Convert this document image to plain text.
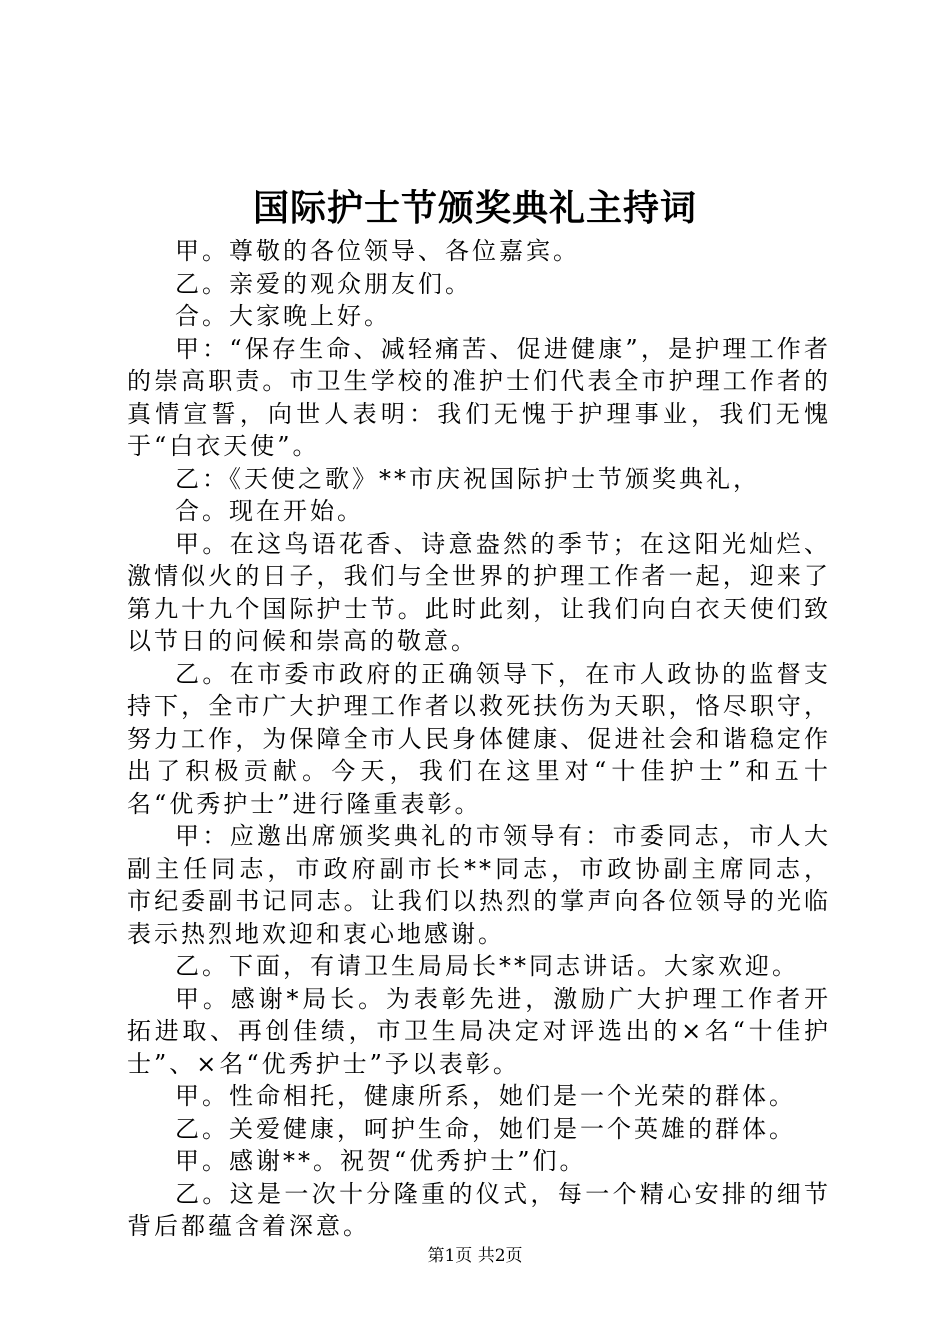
国际护士节颁奖典礼主持词

甲。尊敬的各位领导、各位嘉宾。

乙。亲爱的观众朋友们。

合。大家晚上好。

甲：“保存生命、减轻痛苦、促进健康”，是护理工作者的崇高职责。市卫生学校的准护士们代表全市护理工作者的真情宣誓，向世人表明：我们无愧于护理事业，我们无愧于“白衣天使”。

乙：《天使之歌》**市庆祝国际护士节颁奖典礼，

合。现在开始。

甲。在这鸟语花香、诗意盎然的季节；在这阳光灿烂、激情似火的日子，我们与全世界的护理工作者一起，迎来了第九十九个国际护士节。此时此刻，让我们向白衣天使们致以节日的问候和崇高的敬意。

乙。在市委市政府的正确领导下，在市人政协的监督支持下，全市广大护理工作者以救死扶伤为天职，恪尽职守，努力工作，为保障全市人民身体健康、促进社会和谐稳定作出了积极贡献。今天，我们在这里对“十佳护士”和五十名“优秀护士”进行隆重表彰。

甲：应邀出席颁奖典礼的市领导有：市委同志，市人大副主任同志，市政府副市长**同志，市政协副主席同志，市纪委副书记同志。让我们以热烈的掌声向各位领导的光临表示热烈地欢迎和衷心地感谢。

乙。下面，有请卫生局局长**同志讲话。大家欢迎。

甲。感谢*局长。为表彰先进，激励广大护理工作者开拓进取、再创佳绩，市卫生局决定对评选出的×名“十佳护士”、×名“优秀护士”予以表彰。

甲。性命相托，健康所系，她们是一个光荣的群体。

乙。关爱健康，呵护生命，她们是一个英雄的群体。

甲。感谢**。祝贺“优秀护士”们。

乙。这是一次十分隆重的仪式，每一个精心安排的细节背后都蕴含着深意。

第1页 共2页
